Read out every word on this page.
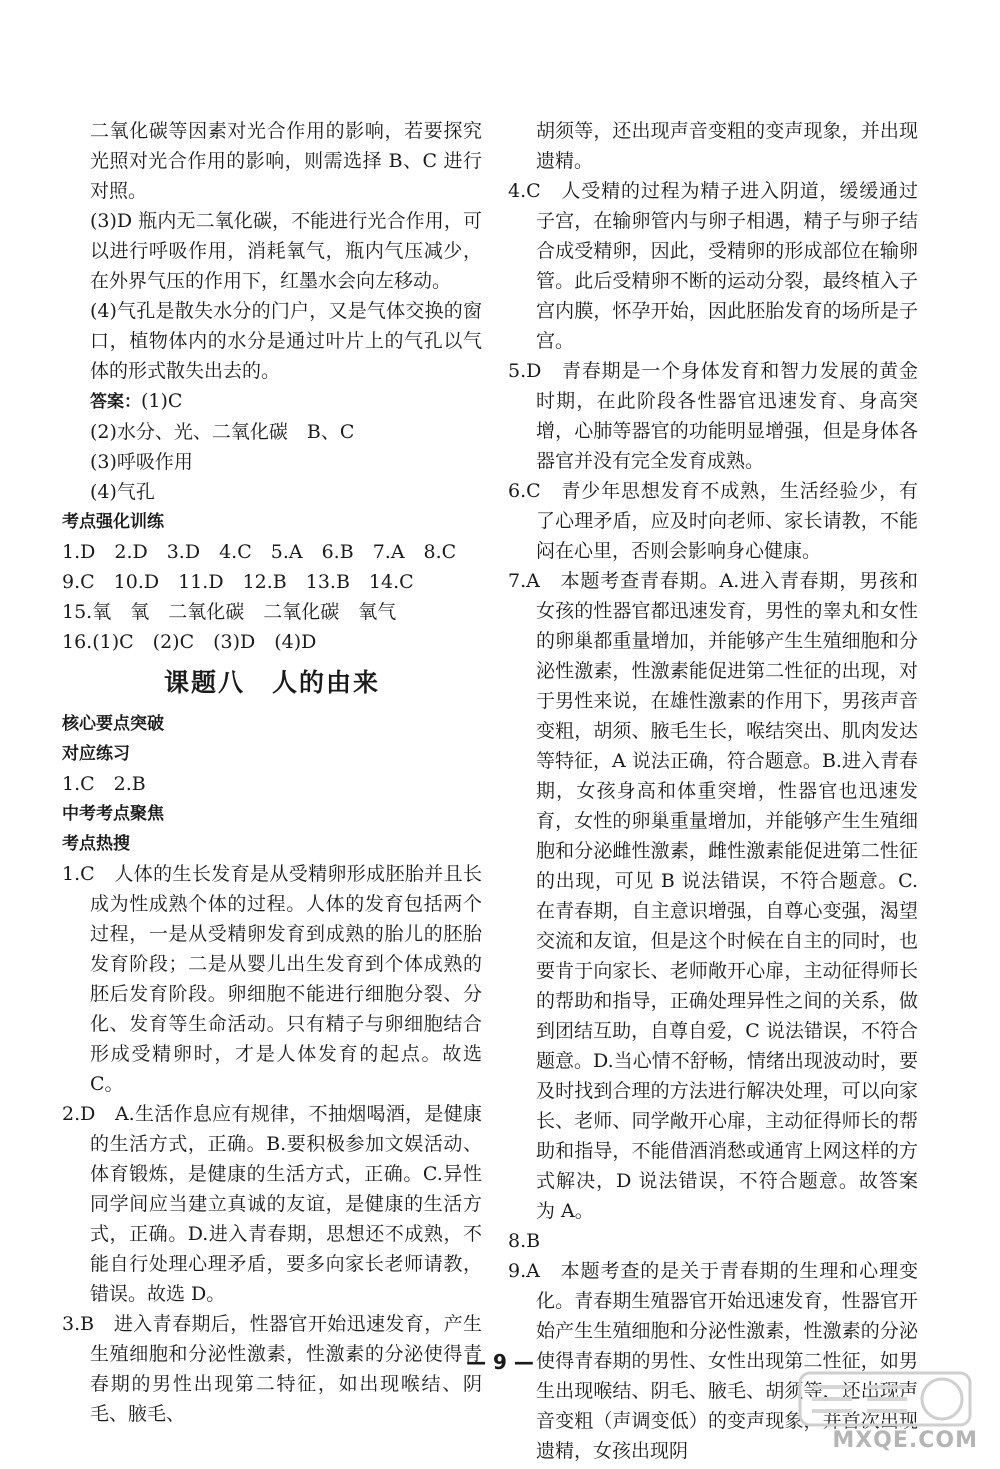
二氧化碳等因素对光合作用的影响，若要探究光照对光合作用的影响，则需选择 B、C 进行对照。

(3)D 瓶内无二氧化碳，不能进行光合作用，可以进行呼吸作用，消耗氧气，瓶内气压减少，在外界气压的作用下，红墨水会向左移动。

(4)气孔是散失水分的门户，又是气体交换的窗口，植物体内的水分是通过叶片上的气孔以气体的形式散失出去的。

答案：(1)C

(2)水分、光、二氧化碳　B、C

(3)呼吸作用

(4)气孔

考点强化训练

1.D　2.D　3.D　4.C　5.A　6.B　7.A　8.C

9.C　10.D　11.D　12.B　13.B　14.C

15.氧　氧　二氧化碳　二氧化碳　氧气

16.(1)C　(2)C　(3)D　(4)D

课题八　人的由来

核心要点突破

对应练习

1.C　2.B

中考考点聚焦

考点热搜

1.C　人体的生长发育是从受精卵形成胚胎并且长成为性成熟个体的过程。人体的发育包括两个过程，一是从受精卵发育到成熟的胎儿的胚胎发育阶段；二是从婴儿出生发育到个体成熟的胚后发育阶段。卵细胞不能进行细胞分裂、分化、发育等生命活动。只有精子与卵细胞结合形成受精卵时，才是人体发育的起点。故选 C。

2.D　A.生活作息应有规律，不抽烟喝酒，是健康的生活方式，正确。B.要积极参加文娱活动、体育锻炼，是健康的生活方式，正确。C.异性同学间应当建立真诚的友谊，是健康的生活方式，正确。D.进入青春期，思想还不成熟，不能自行处理心理矛盾，要多向家长老师请教，错误。故选 D。

3.B　进入青春期后，性器官开始迅速发育，产生生殖细胞和分泌性激素，性激素的分泌使得青春期的男性出现第二特征，如出现喉结、阴毛、腋毛、

胡须等，还出现声音变粗的变声现象，并出现遗精。

4.C　人受精的过程为精子进入阴道，缓缓通过子宫，在输卵管内与卵子相遇，精子与卵子结合成受精卵，因此，受精卵的形成部位在输卵管。此后受精卵不断的运动分裂，最终植入子宫内膜，怀孕开始，因此胚胎发育的场所是子宫。

5.D　青春期是一个身体发育和智力发展的黄金时期，在此阶段各性器官迅速发育、身高突增，心肺等器官的功能明显增强，但是身体各器官并没有完全发育成熟。

6.C　青少年思想发育不成熟，生活经验少，有了心理矛盾，应及时向老师、家长请教，不能闷在心里，否则会影响身心健康。

7.A　本题考查青春期。A.进入青春期，男孩和女孩的性器官都迅速发育，男性的睾丸和女性的卵巢都重量增加，并能够产生生殖细胞和分泌性激素，性激素能促进第二性征的出现，对于男性来说，在雄性激素的作用下，男孩声音变粗，胡须、腋毛生长，喉结突出、肌肉发达等特征，A 说法正确，符合题意。B.进入青春期，女孩身高和体重突增，性器官也迅速发育，女性的卵巢重量增加，并能够产生生殖细胞和分泌雌性激素，雌性激素能促进第二性征的出现，可见 B 说法错误，不符合题意。C.在青春期，自主意识增强，自尊心变强，渴望交流和友谊，但是这个时候在自主的同时，也要肯于向家长、老师敞开心扉，主动征得师长的帮助和指导，正确处理异性之间的关系，做到团结互助，自尊自爱，C 说法错误，不符合题意。D.当心情不舒畅，情绪出现波动时，要及时找到合理的方法进行解决处理，可以向家长、老师、同学敞开心扉，主动征得师长的帮助和指导，不能借酒消愁或通宵上网这样的方式解决，D 说法错误，不符合题意。故答案为 A。

8.B

9.A　本题考查的是关于青春期的生理和心理变化。青春期生殖器官开始迅速发育，性器官开始产生生殖细胞和分泌性激素，性激素的分泌使得青春期的男性、女性出现第二性征，如男生出现喉结、阴毛、腋毛、胡须等，还出现声音变粗（声调变低）的变声现象，并首次出现遗精，女孩出现阴

— 9 —
MXQE.COM
